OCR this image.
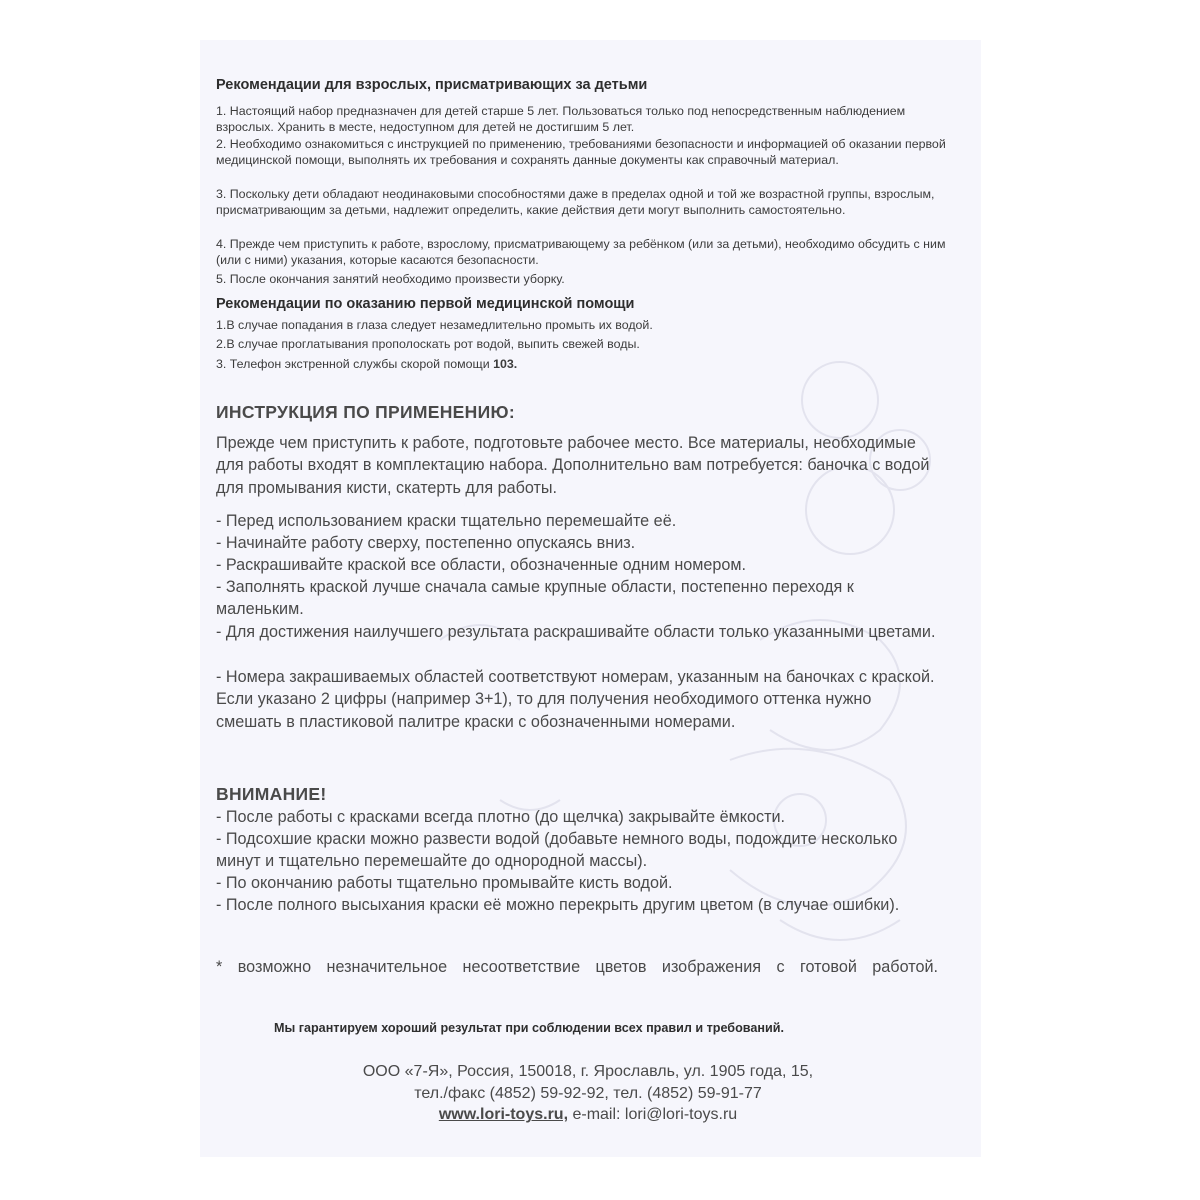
Рекомендации для взрослых, присматривающих за детьми

1. Настоящий набор предназначен для детей старше 5 лет. Пользоваться только под непосредственным наблюдением взрослых. Хранить в месте, недоступном для детей не достигшим 5 лет.

2. Необходимо ознакомиться с инструкцией по применению, требованиями безопасности и информацией об оказании первой медицинской помощи, выполнять их требования и сохранять данные документы как справочный материал.

3. Поскольку дети обладают неодинаковыми способностями даже в пределах одной и той же возрастной группы, взрослым, присматривающим за детьми, надлежит определить, какие действия дети могут выполнить самостоятельно.

4. Прежде чем приступить к работе, взрослому, присматривающему за ребёнком (или за детьми), необходимо обсудить с ним (или с ними) указания, которые касаются безопасности.

5. После окончания занятий необходимо произвести уборку.

Рекомендации по оказанию первой медицинской помощи

1.В случае попадания в глаза следует незамедлительно промыть их водой.

2.В случае проглатывания прополоскать рот водой, выпить свежей воды.

3. Телефон экстренной службы скорой помощи 103.

ИНСТРУКЦИЯ ПО ПРИМЕНЕНИЮ:

Прежде чем приступить к работе, подготовьте рабочее место. Все материалы, необходимые для работы входят в комплектацию набора. Дополнительно вам потребуется: баночка с водой для промывания кисти, скатерть для работы.

- Перед использованием краски тщательно перемешайте её.

- Начинайте работу сверху, постепенно опускаясь вниз.

- Раскрашивайте краской все области, обозначенные одним номером.

- Заполнять краской лучше сначала самые крупные области, постепенно переходя к маленьким.

- Для достижения наилучшего результата раскрашивайте области только указанными цветами.

- Номера закрашиваемых областей соответствуют номерам, указанным на баночках с краской. Если указано 2 цифры (например 3+1), то для получения необходимого оттенка нужно смешать в пластиковой палитре краски с обозначенными номерами.

ВНИМАНИЕ!

- После работы с красками всегда плотно (до щелчка) закрывайте ёмкости.

- Подсохшие краски можно развести водой (добавьте немного воды, подождите несколько минут и тщательно перемешайте до однородной массы).

- По окончанию работы тщательно промывайте кисть водой.

- После полного высыхания краски её можно перекрыть другим цветом (в случае ошибки).

* возможно незначительное несоответствие цветов изображения с готовой работой.

Мы гарантируем хороший результат при соблюдении всех правил и требований.

ООО «7-Я», Россия, 150018, г. Ярославль, ул. 1905 года, 15,
тел./факс (4852) 59-92-92, тел. (4852) 59-91-77
www.lori-toys.ru, e-mail: lori@lori-toys.ru
